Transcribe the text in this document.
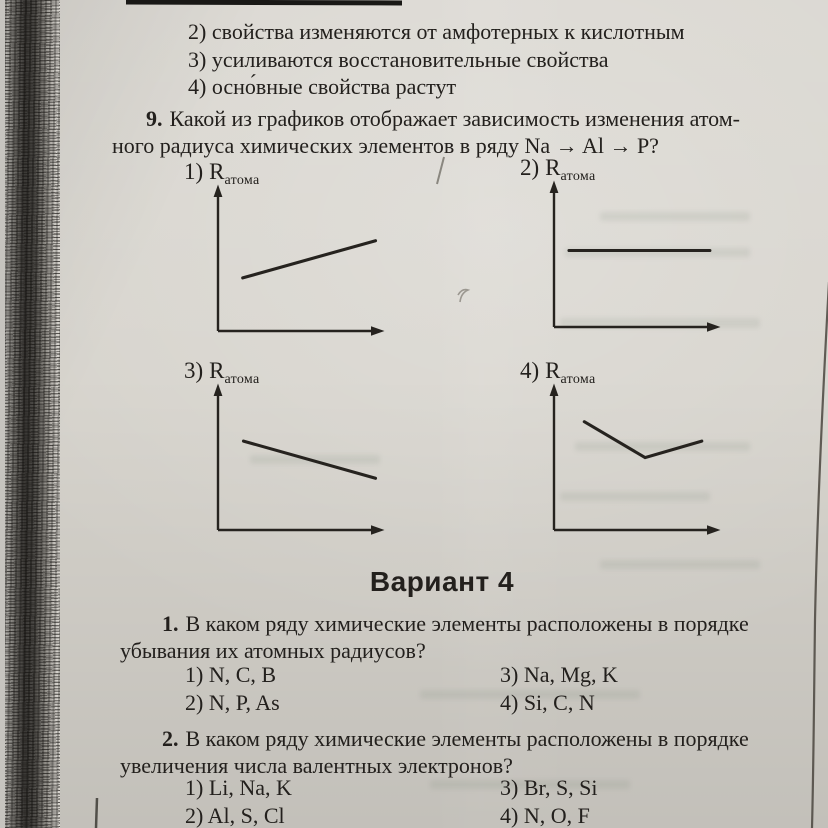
2) свойства изменяются от амфотерных к кислотным
3) усиливаются восстановительные свойства
4) осно́вные свойства растут
9. Какой из графиков отображает зависимость изменения атом-
ного радиуса химических элементов в ряду Na → Al → P?
1) $R_{атома}$
2) $R_{атома}$
3) $R_{атома}$	4) $R_{атома}$
Вариант 4
1. В каком ряду химические элементы расположены в порядке
убывания их атомных радиусов?
1) N, C, B
2) N, P, As
3) Na, Mg, K
4) Si, C, N
2. В каком ряду химические элементы расположены в порядке
увеличения числа валентных электронов?
1) Li, Na, K
2) Al, S, Cl
3) Br, S, Si
4) N, O, F
